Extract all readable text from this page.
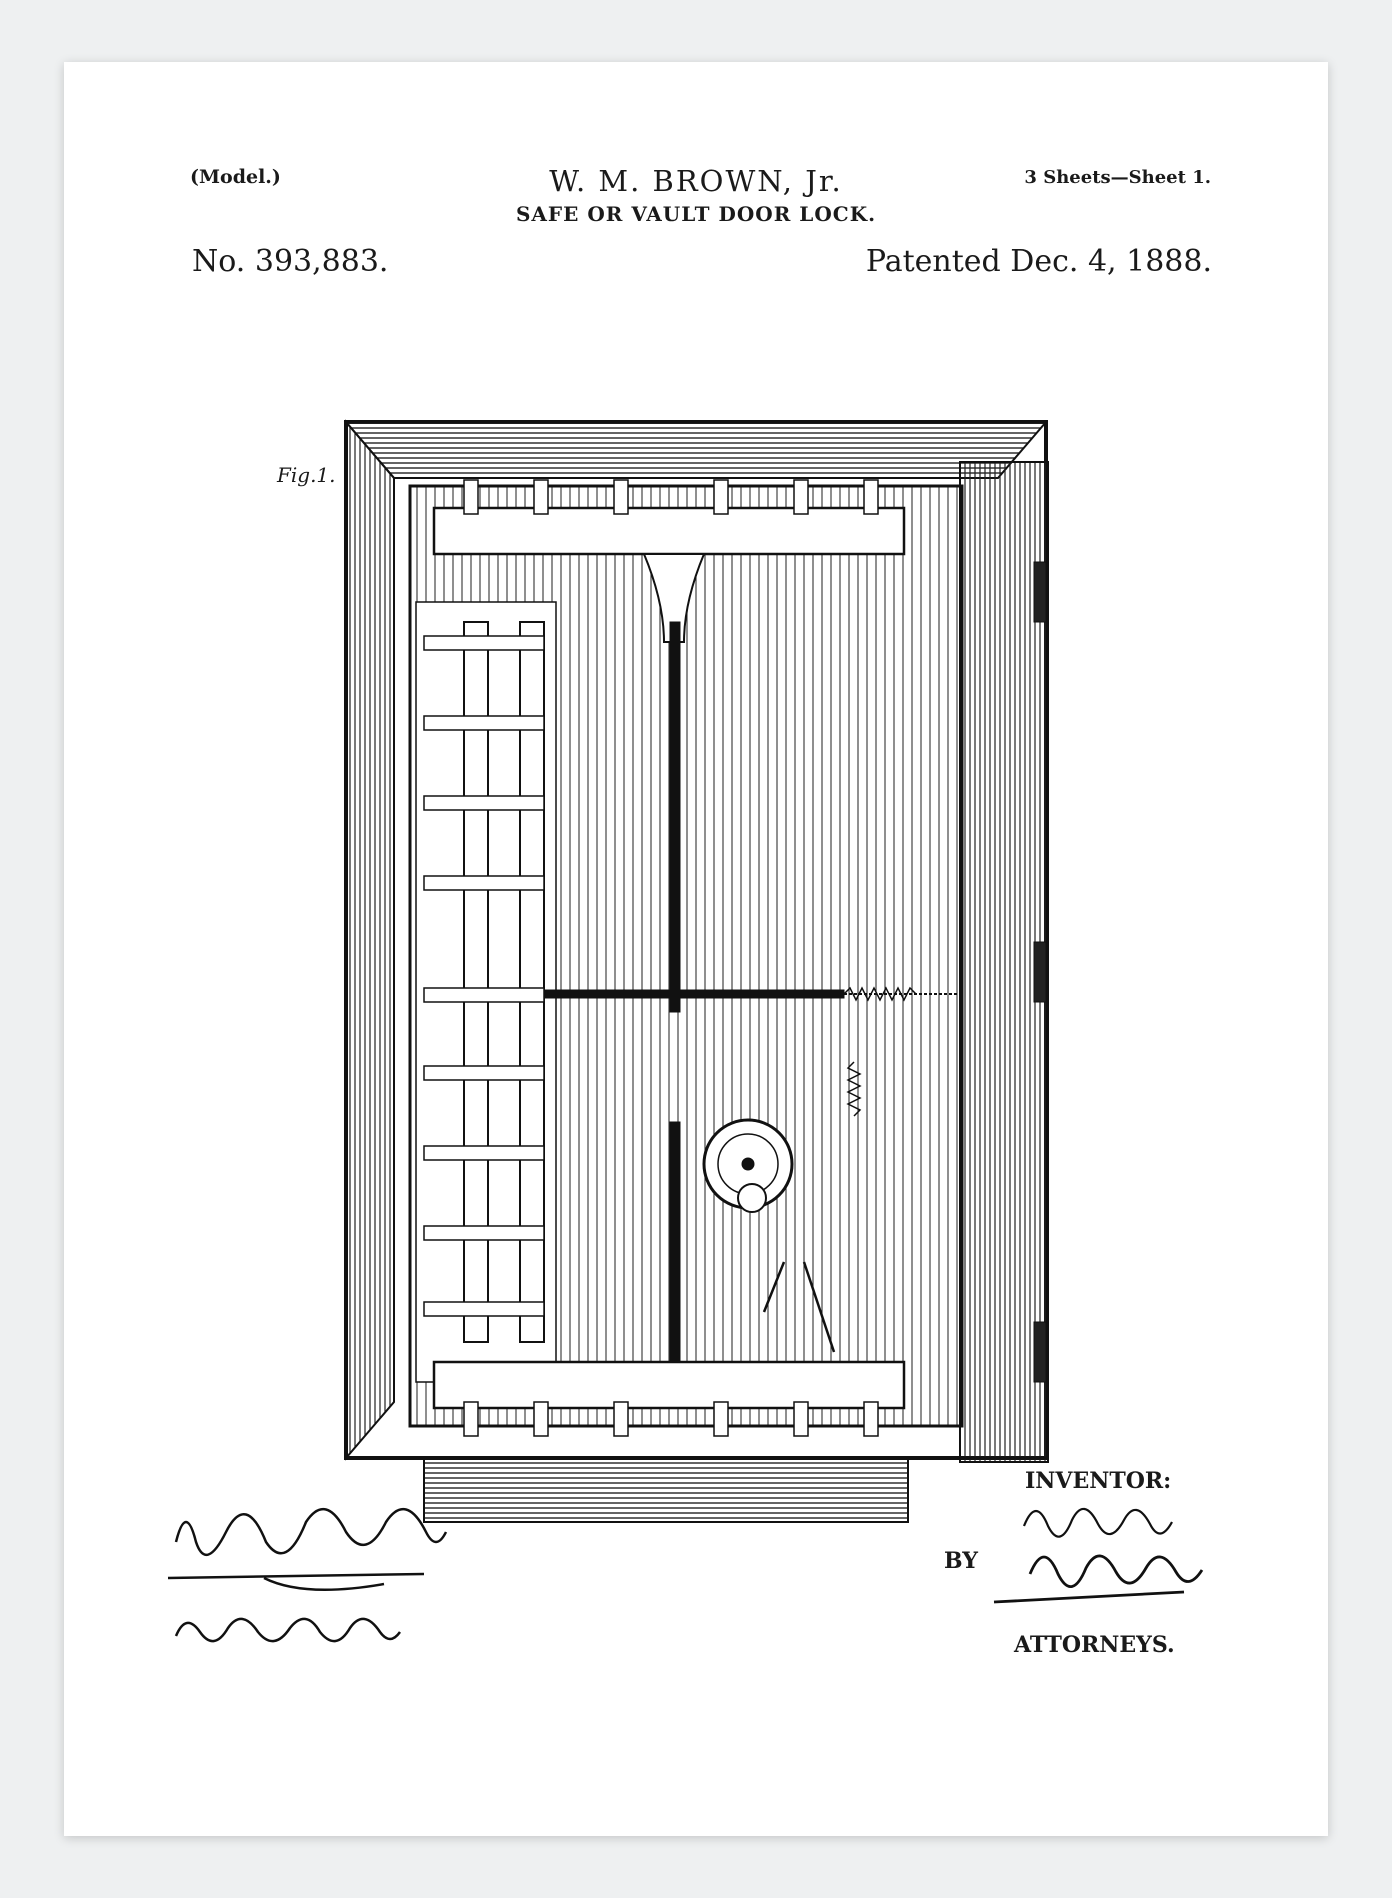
(Model.)	W. M. BROWN, Jr.	3 Sheets—Sheet 1.
SAFE OR VAULT DOOR LOCK.
No. 393,883.	Patented Dec. 4, 1888.
Fig.1.
INVENTOR:
BY
ATTORNEYS.
